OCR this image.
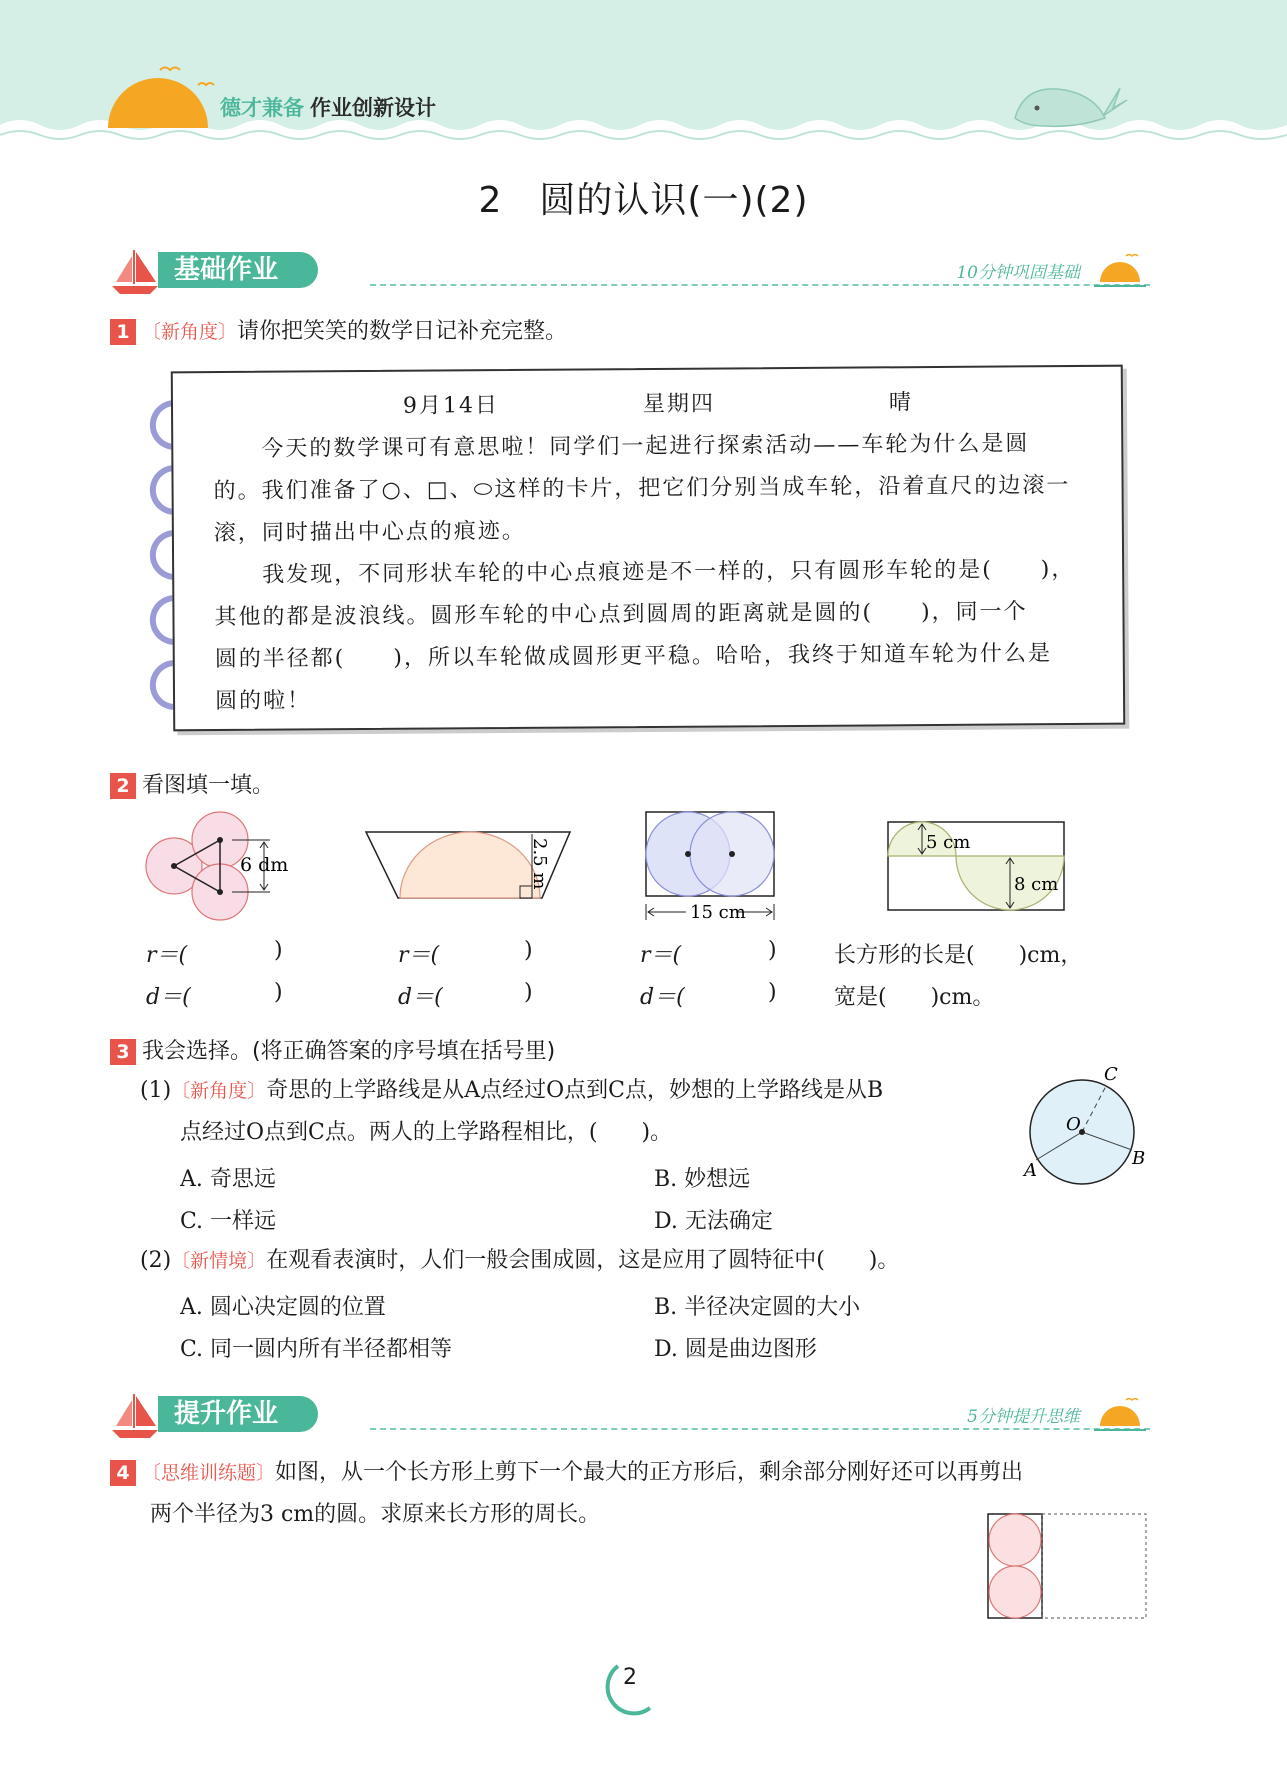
德才兼备 作业创新设计
2　圆的认识(一)(2)
基础作业	10分钟巩固基础
1 〔新角度〕请你把笑笑的数学日记补充完整。
9月14日	星期四	晴
　　今天的数学课可有意思啦！同学们一起进行探索活动——车轮为什么是圆
的。我们准备了○、□、⬭这样的卡片，把它们分别当成车轮，沿着直尺的边滚一
滚，同时描出中心点的痕迹。
　　我发现，不同形状车轮的中心点痕迹是不一样的，只有圆形车轮的是(　　)，
其他的都是波浪线。圆形车轮的中心点到圆周的距离就是圆的(　　)，同一个
圆的半径都(　　)，所以车轮做成圆形更平稳。哈哈，我终于知道车轮为什么是
圆的啦！
2 看图填一填。
6 dm	2.5 m
15 cm
5 cm
8 cm
r＝(	)
d＝(	)
r＝(	)
d＝(	)
r＝(	)
d＝(	)
长方形的长是(　　)cm，
宽是(　　)cm。
3 我会选择。(将正确答案的序号填在括号里)
(1)〔新角度〕奇思的上学路线是从A点经过O点到C点，妙想的上学路线是从B
点经过O点到C点。两人的上学路程相比，(　　)。
A. 奇思远	B. 妙想远
C. 一样远	D. 无法确定
C
O
A
B
(2)〔新情境〕在观看表演时，人们一般会围成圆，这是应用了圆特征中(　　)。
A. 圆心决定圆的位置	B. 半径决定圆的大小
C. 同一圆内所有半径都相等	D. 圆是曲边图形
提升作业	5分钟提升思维
4 〔思维训练题〕如图，从一个长方形上剪下一个最大的正方形后，剩余部分刚好还可以再剪出
两个半径为3 cm的圆。求原来长方形的周长。
2
